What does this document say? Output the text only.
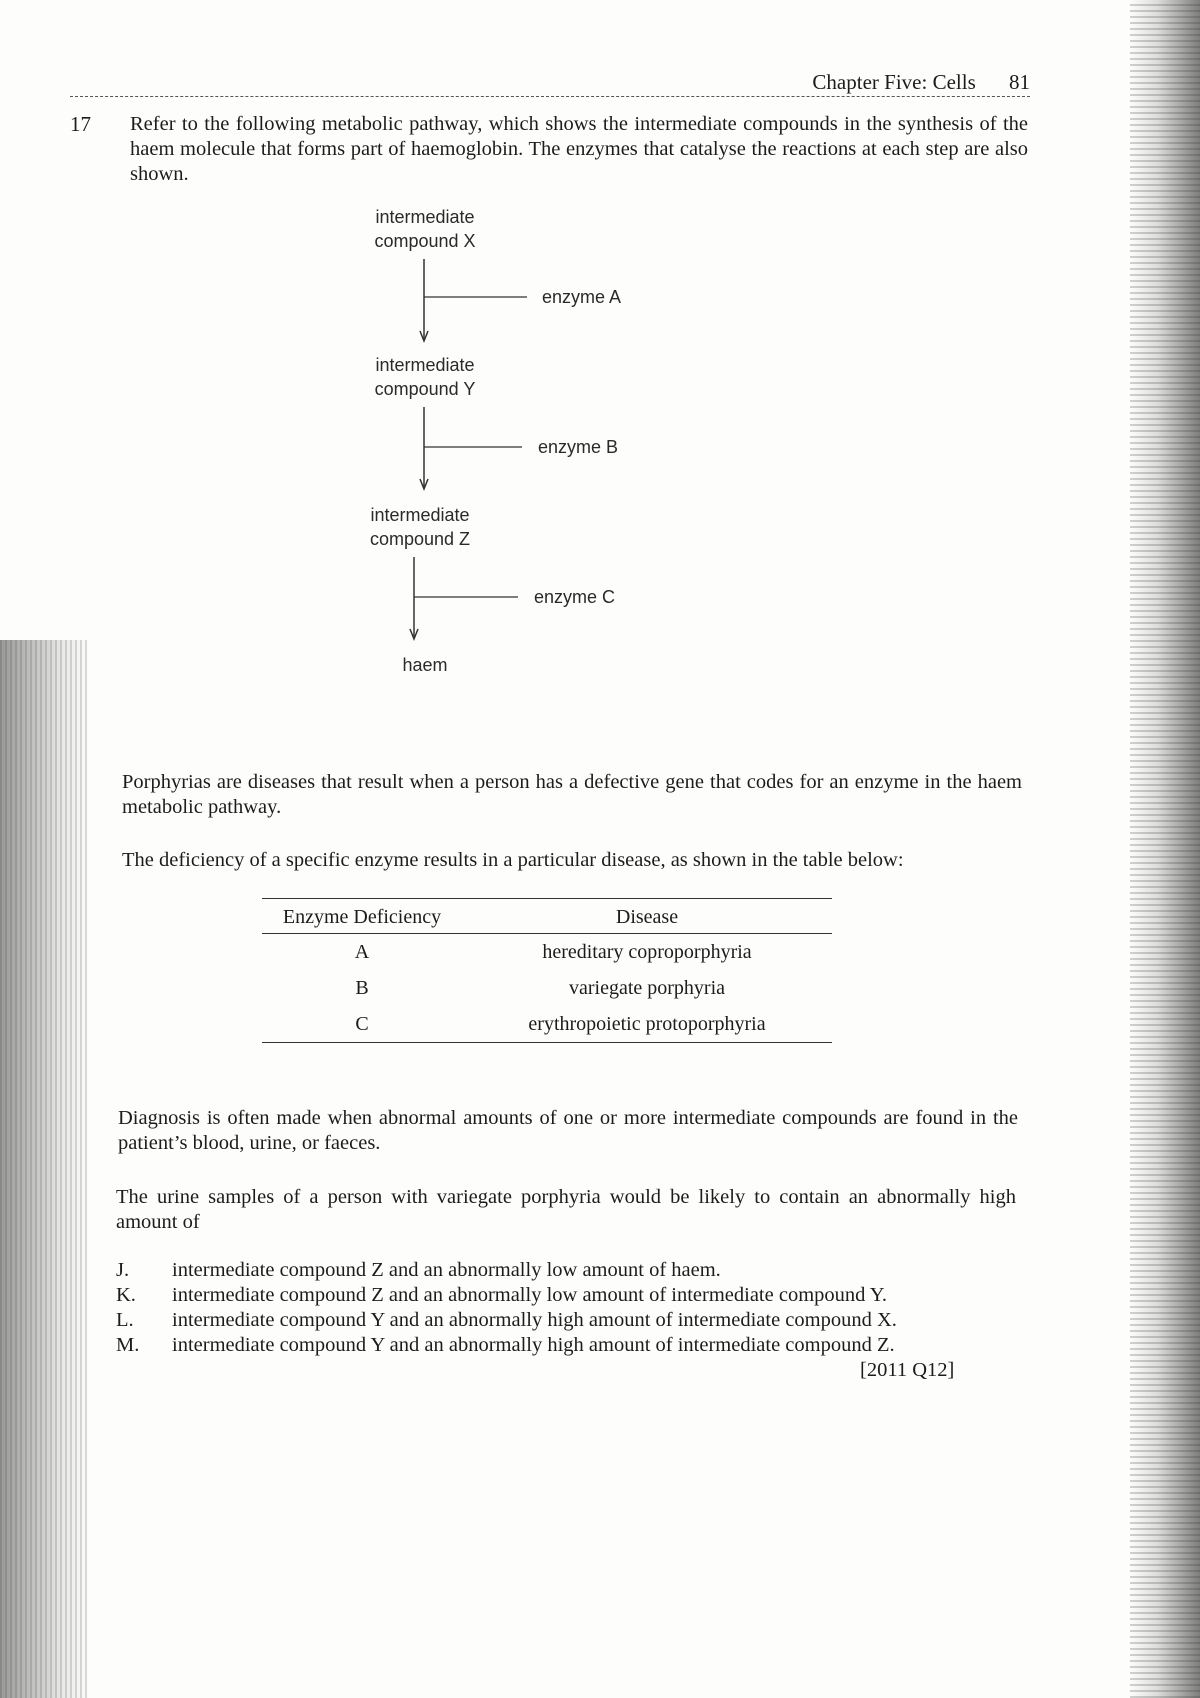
Chapter Five: Cells 81
17 Refer to the following metabolic pathway, which shows the intermediate compounds in the synthesis of the haem molecule that forms part of haemoglobin. The enzymes that catalyse the reactions at each step are also shown.
intermediate
compound X
intermediate
compound Y
intermediate
compound Z
haem
enzyme A
enzyme B
enzyme C
Porphyrias are diseases that result when a person has a defective gene that codes for an enzyme in the haem metabolic pathway.
The deficiency of a specific enzyme results in a particular disease, as shown in the table below:
Enzyme Deficiency	Disease
A	hereditary coproporphyria
B	variegate porphyria
C	erythropoietic protoporphyria
Diagnosis is often made when abnormal amounts of one or more intermediate compounds are found in the patient’s blood, urine, or faeces.
The urine samples of a person with variegate porphyria would be likely to contain an abnormally high amount of
J.	intermediate compound Z and an abnormally low amount of haem.
K.	intermediate compound Z and an abnormally low amount of intermediate compound Y.
L.	intermediate compound Y and an abnormally high amount of intermediate compound X.
M.	intermediate compound Y and an abnormally high amount of intermediate compound Z.
[2011 Q12]
